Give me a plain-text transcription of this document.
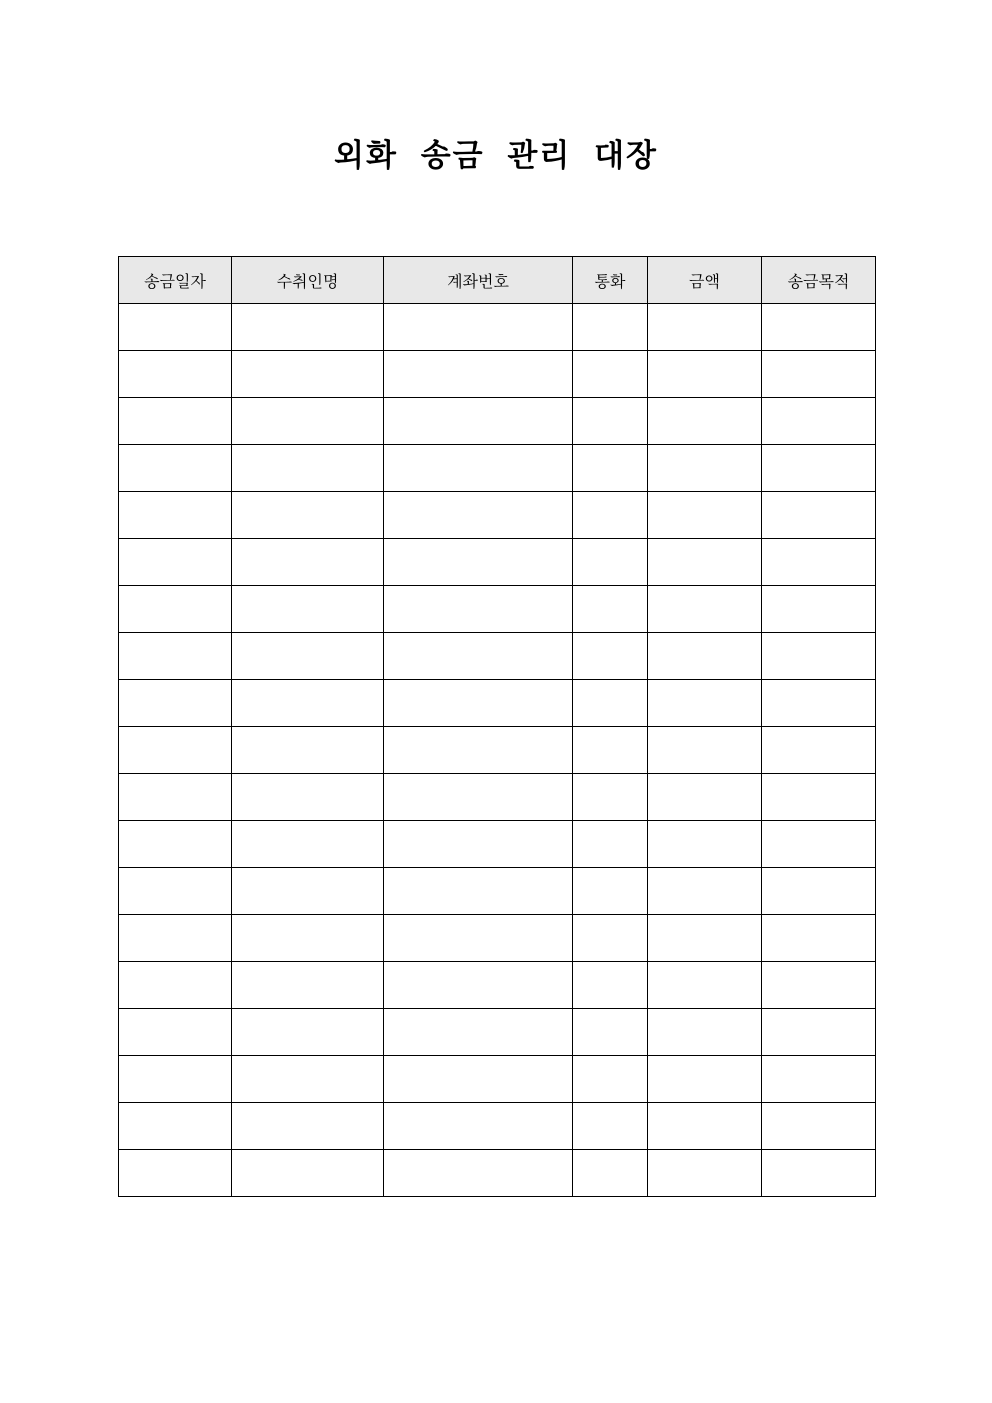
외화 송금 관리 대장
송금일자	수취인명	계좌번호	통화	금액	송금목적
